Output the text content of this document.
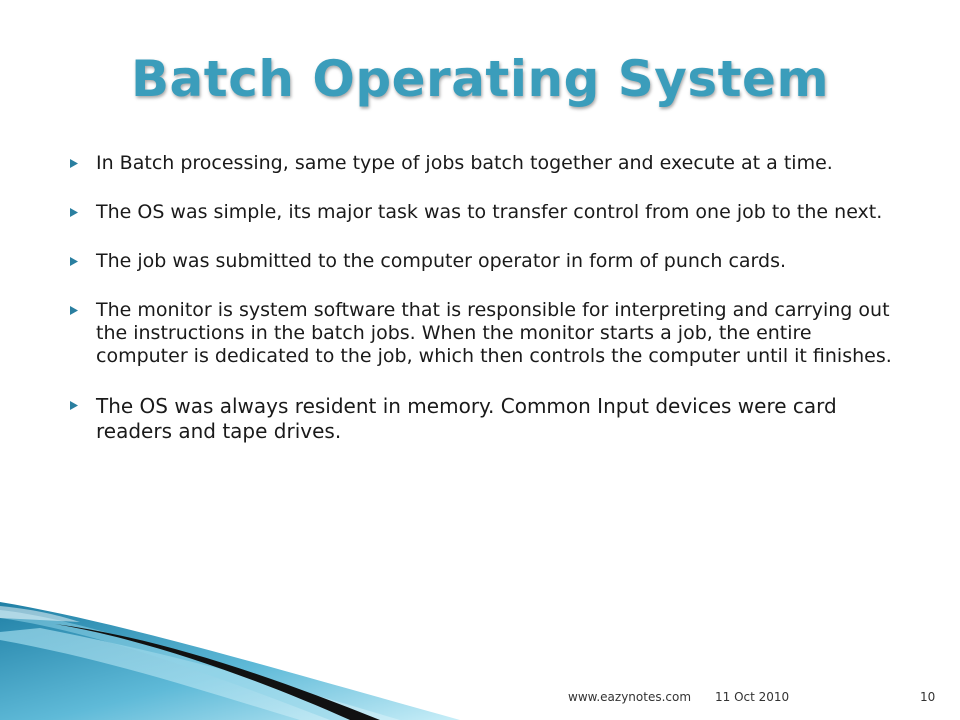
Batch Operating System
In Batch processing, same type of jobs batch together and execute at a time.
The OS was simple, its major task was to transfer control from one job to the next.
The job was submitted to the computer operator in form of punch cards.
The monitor is system software that is responsible for interpreting and carrying out the instructions in the batch jobs. When the monitor starts a job, the entire computer is dedicated to the job, which then controls the computer until it finishes.
The OS was always resident in memory. Common Input devices were card readers and tape drives.
www.eazynotes.com 11 Oct 2010	10
